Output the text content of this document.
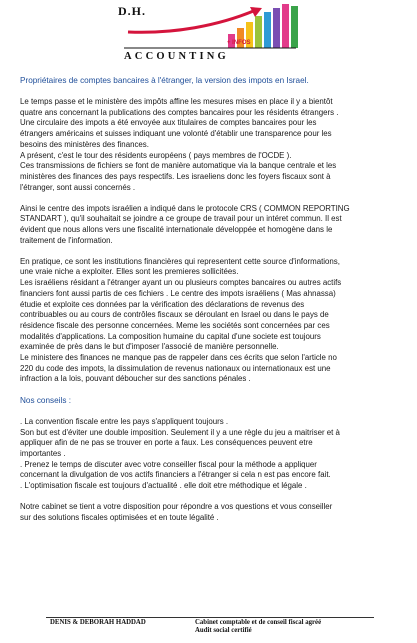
D.H.
+ INFOS
ACCOUNTING
Propriétaires de comptes bancaires à l'étranger, la version des impots en Israel.
Le temps passe et le ministère des impôts affine les mesures mises en place il y a bientôt
quatre ans concernant la publications des comptes bancaires pour les résidents étrangers .
Une circulaire des impots a été envoyée aux titulaires de comptes bancaires pour les
étrangers américains et suisses indiquant une volonté d'établir une transparence pour les
besoins des ministères des finances.
A présent, c'est le tour des résidents européens ( pays membres de l'OCDE ).
Ces transmissions de fichiers se font de manière automatique via la banque centrale et les
ministères des finances des pays respectifs. Les israeliens donc les foyers fiscaux sont à
l'étranger, sont aussi concernés .
Ainsi le centre des impots israélien a indiqué dans le protocole CRS ( COMMON REPORTING
STANDART ), qu'il souhaitait se joindre a ce groupe de travail pour un intéret commun. Il est
évident que nous allons vers une fiscalité internationale développée et homogène dans le
traitement de l'information.
En pratique, ce sont les institutions financières qui representent cette source d'informations,
une vraie niche a exploiter. Elles sont les premieres sollicitées.
Les israéliens résidant a l'étranger ayant un ou plusieurs comptes bancaires ou autres actifs
financiers font aussi partis de ces fichiers . Le centre des impots israéliens ( Mas ahnassa)
étudie et exploite ces données par la vérification des déclarations de revenus des
contribuables ou au cours de contrôles fiscaux se déroulant en Israel ou dans le pays de
résidence fiscale des personne concernées. Meme les sociétés sont concernées par ces
modalités d'applications. La composition humaine du capital d'une societe est toujours
examinée de près dans le but d'imposer l'associé de manière personnelle.
Le ministere des finances ne manque pas de rappeler dans ces écrits que selon l'article no
220 du code des impots, la dissimulation de revenus nationaux ou internationaux est une
infraction a la lois, pouvant déboucher sur des sanctions pénales .
Nos conseils :
. La convention fiscale entre les pays s'appliquent toujours .
Son but est d'éviter une double imposition. Seulement il y a une règle du jeu a maitriser et à
appliquer afin de ne pas se trouver en porte a faux. Les conséquences peuvent etre
importantes .
. Prenez le temps de discuter avec votre conseiller fiscal pour la méthode a appliquer
concernant la divulgation de vos actifs financiers a l'étranger si cela n est pas encore fait.
. L'optimisation fiscale est toujours d'actualité . elle doit etre méthodique et légale .
Notre cabinet se tient a votre disposition pour répondre a vos questions et vous conseiller
sur des solutions fiscales optimisées et en toute légalité .
DENIS & DEBORAH HADDAD	Cabinet comptable et de conseil fiscal agréé
Audit social certifié
